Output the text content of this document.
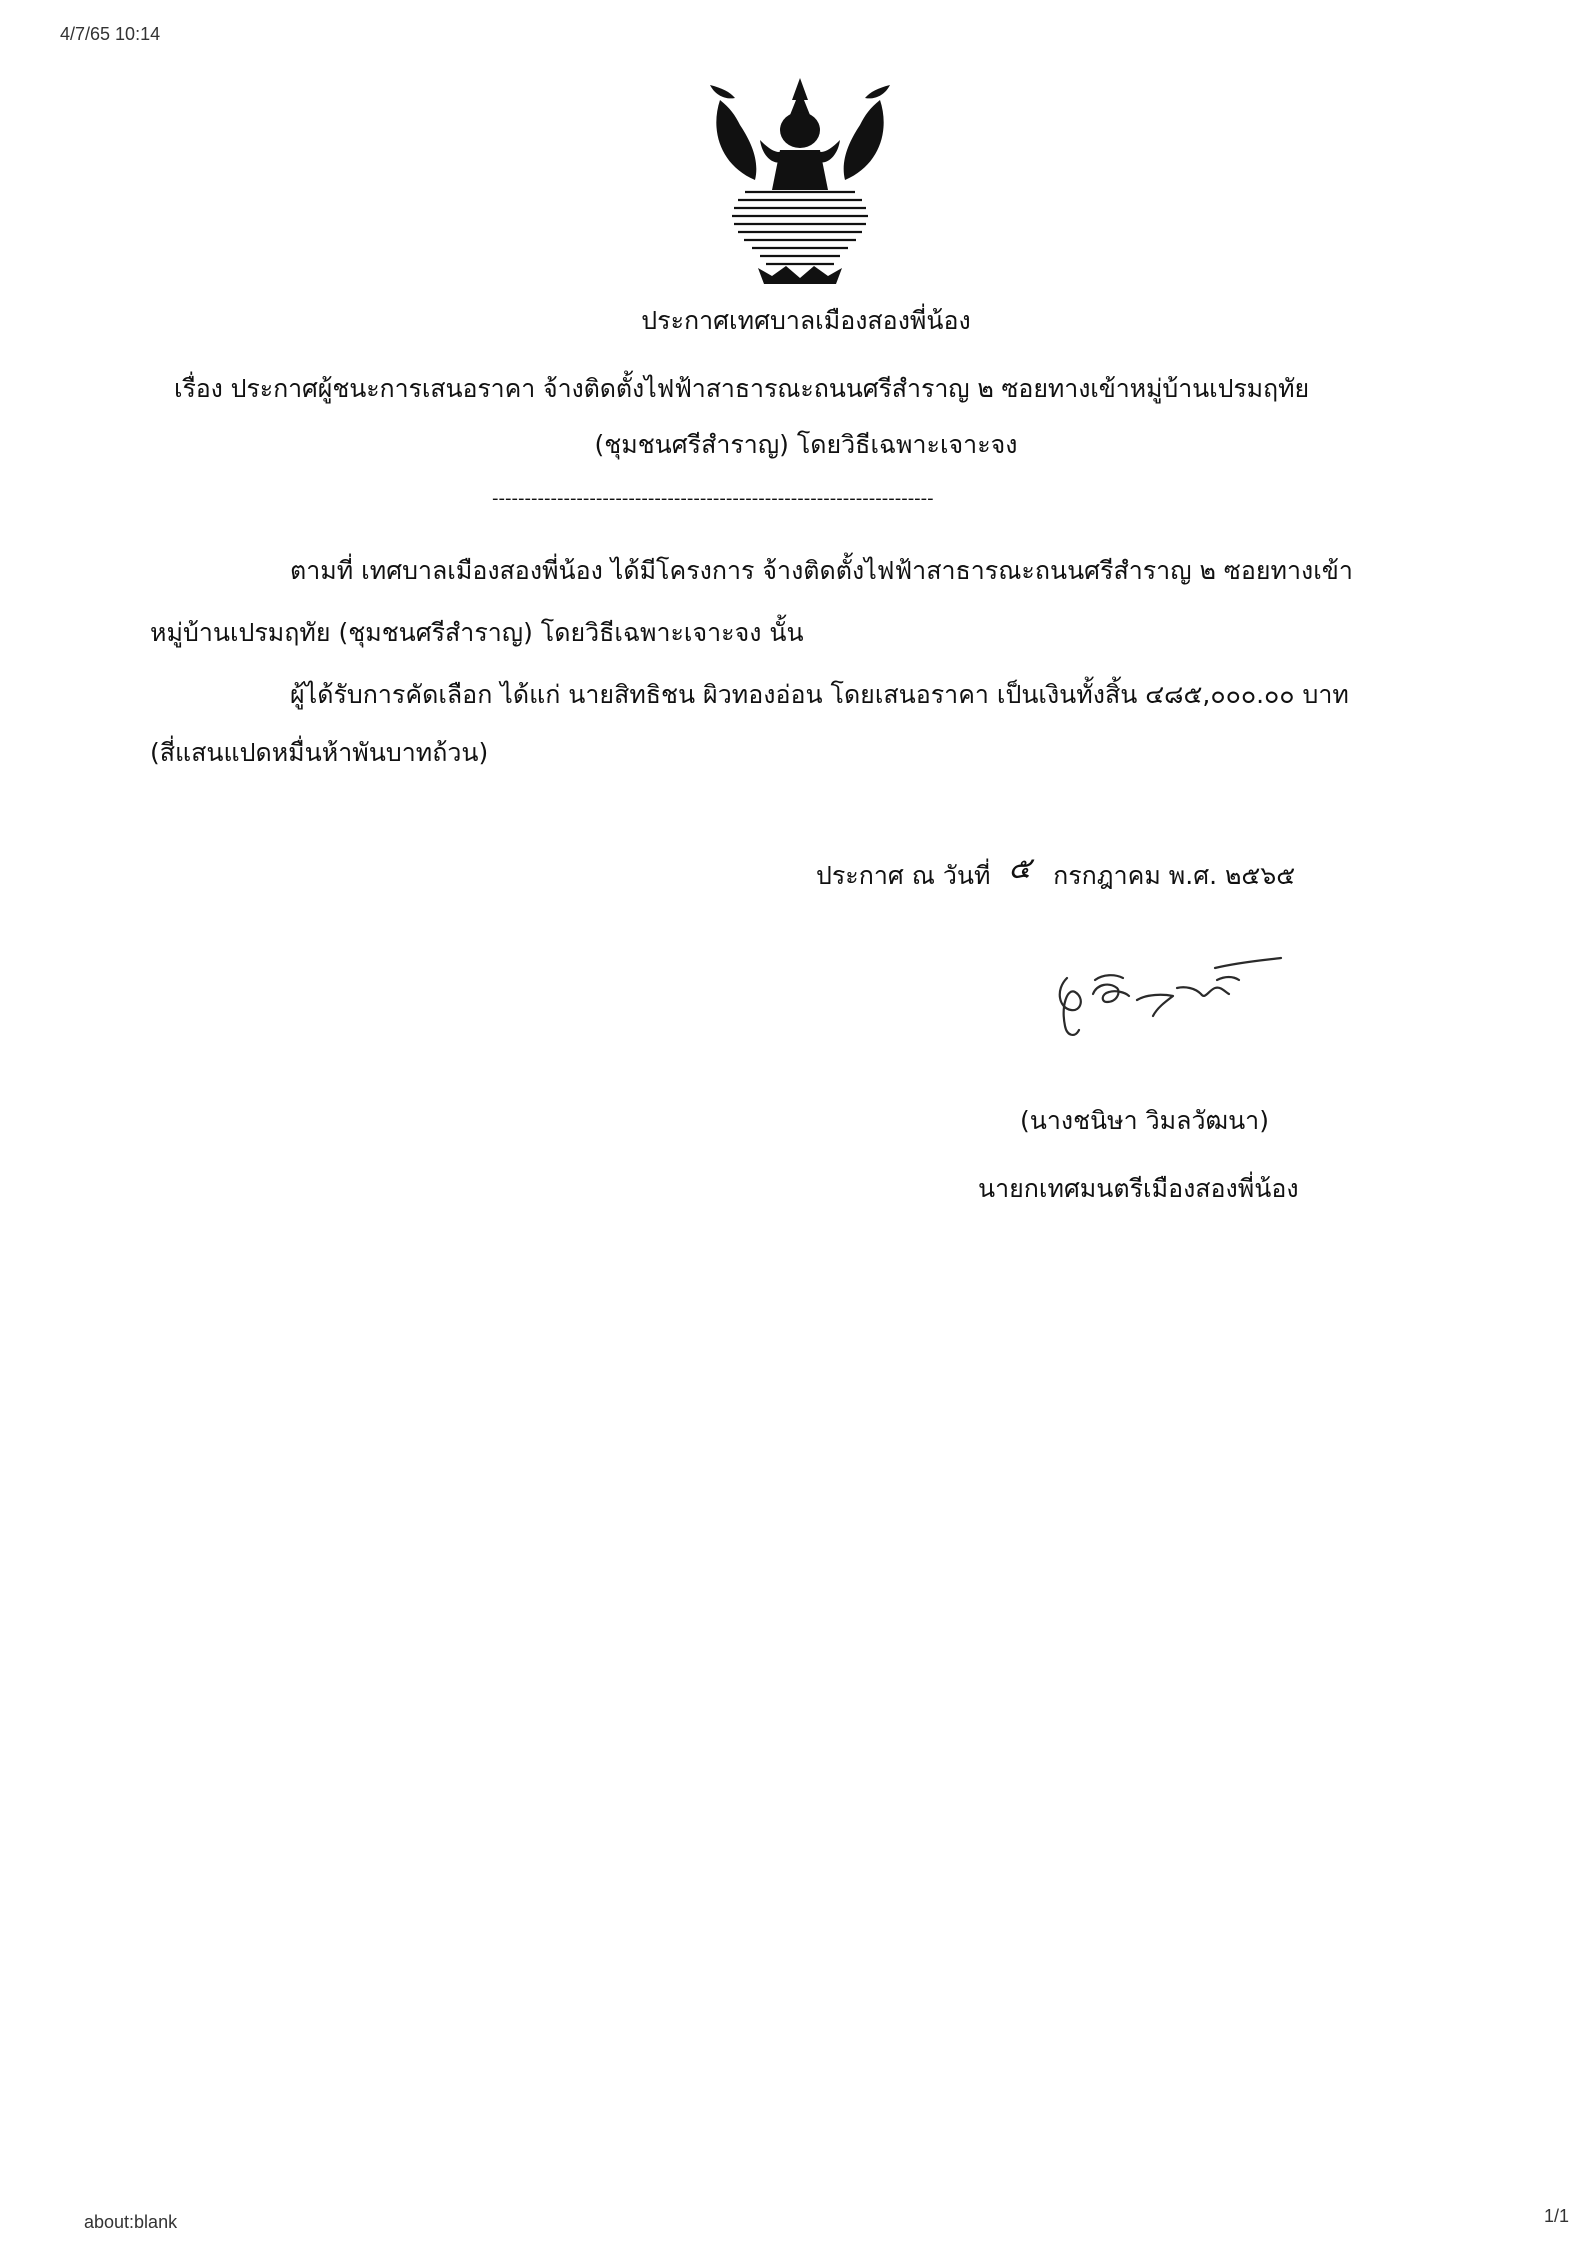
4/7/65 10:14
ประกาศเทศบาลเมืองสองพี่น้อง
เรื่อง ประกาศผู้ชนะการเสนอราคา จ้างติดตั้งไฟฟ้าสาธารณะถนนศรีสำราญ ๒ ซอยทางเข้าหมู่บ้านเปรมฤทัย
(ชุมชนศรีสำราญ) โดยวิธีเฉพาะเจาะจง
--------------------------------------------------------------------
ตามที่ เทศบาลเมืองสองพี่น้อง ได้มีโครงการ จ้างติดตั้งไฟฟ้าสาธารณะถนนศรีสำราญ ๒ ซอยทางเข้า
หมู่บ้านเปรมฤทัย (ชุมชนศรีสำราญ) โดยวิธีเฉพาะเจาะจง นั้น
ผู้ได้รับการคัดเลือก ได้แก่ นายสิทธิชน ผิวทองอ่อน โดยเสนอราคา เป็นเงินทั้งสิ้น ๔๘๕,๐๐๐.๐๐ บาท
(สี่แสนแปดหมื่นห้าพันบาทถ้วน)
ประกาศ ณ วันที่ ๕ กรกฎาคม พ.ศ. ๒๕๖๕
(นางชนิษา วิมลวัฒนา)
นายกเทศมนตรีเมืองสองพี่น้อง
about:blank	1/1
